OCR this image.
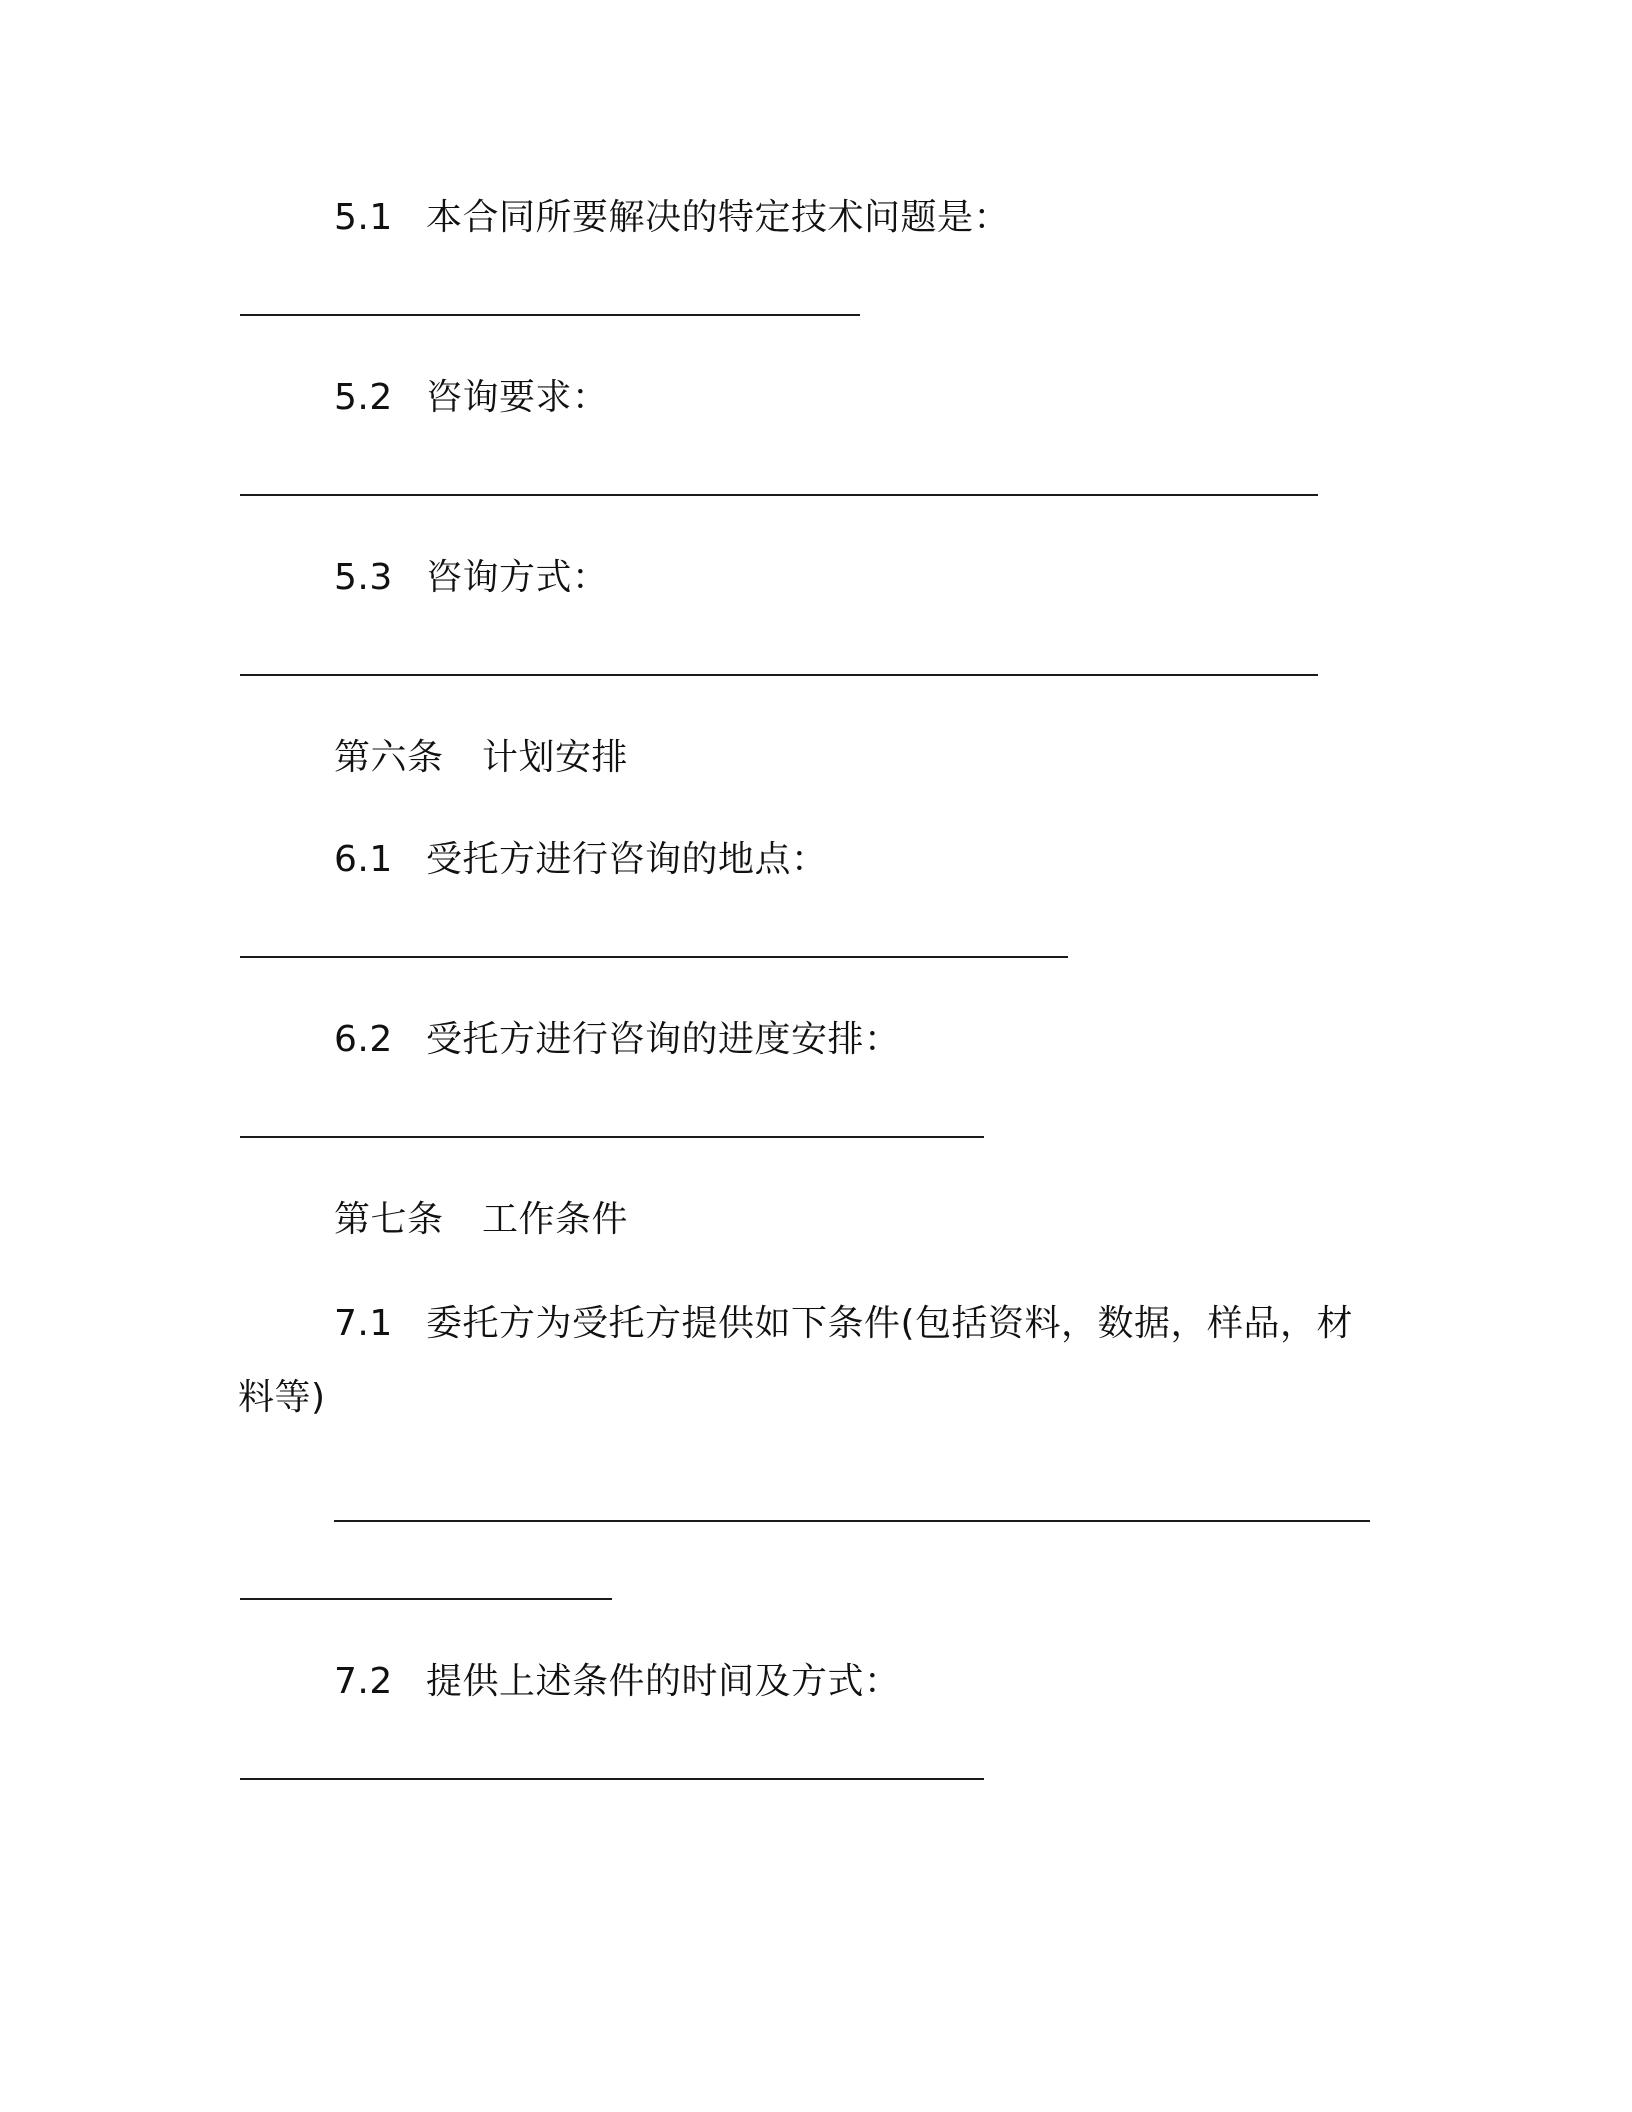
5.1 本合同所要解决的特定技术问题是：
5.2 咨询要求：
5.3 咨询方式：
第六条 计划安排
6.1 受托方进行咨询的地点：
6.2 受托方进行咨询的进度安排：
第七条 工作条件
7.1 委托方为受托方提供如下条件(包括资料，数据，样品，材
料等)
7.2 提供上述条件的时间及方式：
